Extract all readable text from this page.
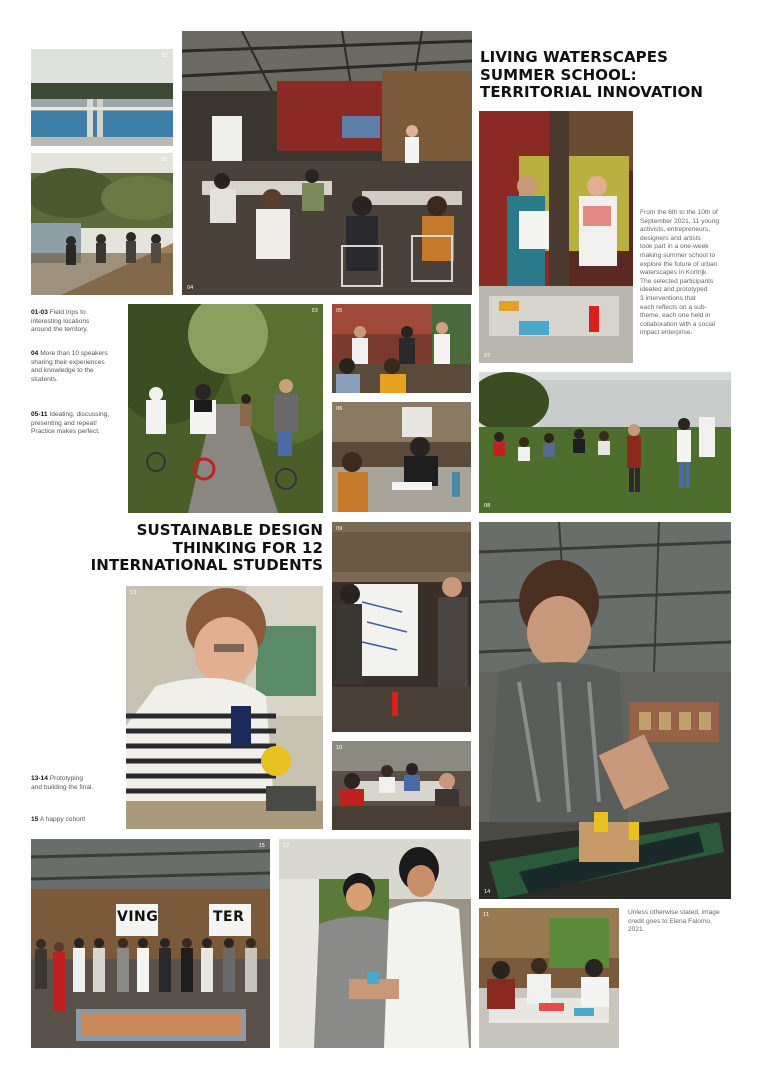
01
02
04
LIVING WATERSCAPES
SUMMER SCHOOL:
TERRITORIAL INNOVATION
07

From the 6th to the 10th of
September 2021, 11 young
activists, entrepreneurs,
designers and artists
took part in a one-week
making summer school to
explore the future of urban
waterscapes in Kortrijk.
The selected participants
ideated and prototyped
3 interventions that
each reflects on a sub-
theme, each one held in
collaboration with a social
impact enterprise.

01-03 Field trips to
interesting locations
around the territory.

04 More than 10 speakers
sharing their experiences
and knowledge to the
students.

05-11 Ideating, discussing,
presenting and repeat!
Practice makes perfect.

03	05
06
08
SUSTAINABLE DESIGN
THINKING FOR 12
INTERNATIONAL STUDENTS
09
14
13
10

13-14 Prototyping
and building the final.

15 A happy cohort!

VING	TER
15	12
11	Unless otherwise stated, image
credit goes to Elena Falomo,
2021.
